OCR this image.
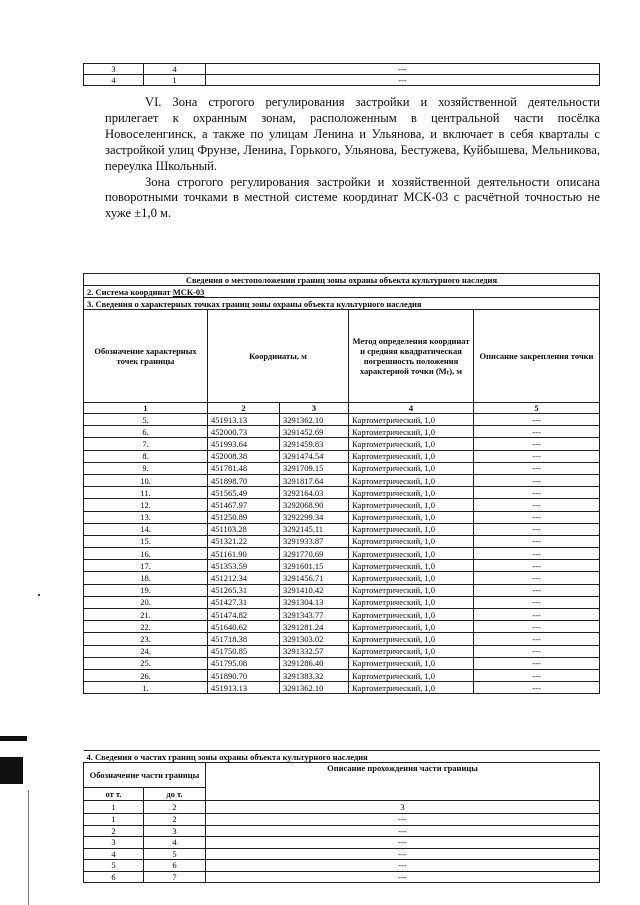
3	4	---
4	1	---

VI. Зона строгого регулирования застройки и хозяйственной деятельности прилегает к охранным зонам, расположенным в центральной части посёлка Новоселенгинск, а также по улицам Ленина и Ульянова, и включает в себя кварталы с застройкой улиц Фрунзе, Ленина, Горького, Ульянова, Бестужева, Куйбышева, Мельникова, переулка Школьный.

Зона строгого регулирования застройки и хозяйственной деятельности описана поворотными точками в местной системе координат МСК-03 с расчётной точностью не хуже ±1,0 м.

Сведения о местоположении границ зоны охраны объекта культурного наследия				
2. Система координат МСК-03				
3. Сведения о характерных точках границ зоны охраны объекта культурного наследия				
Обозначение характерных точек границы	Координаты, м		Метод определения координат и средняя квадратическая погрешность положения характерной точки (Mₜ), м	Описание закрепления точки
1	2	3	4	5
5.	451913.13	3291362.10	Картометрический, 1,0	---
6.	452000.73	3291452.69	Картометрический, 1,0	---
7.	451993.64	3291459.83	Картометрический, 1,0	---
8.	452008.38	3291474.54	Картометрический, 1,0	---
9.	451781.48	3291709.15	Картометрический, 1,0	---
10.	451898.70	3291817.64	Картометрический, 1,0	---
11.	451565.49	3292164.03	Картометрический, 1,0	---
12.	451467.97	3292068.90	Картометрический, 1,0	---
13.	451250.89	3292299.34	Картометрический, 1,0	---
14.	451103.28	3292145.11	Картометрический, 1,0	---
15.	451321.22	3291933.87	Картометрический, 1,0	---
16.	451161.90	3291770.69	Картометрический, 1,0	---
17.	451353.59	3291601.15	Картометрический, 1,0	---
18.	451212.34	3291456.71	Картометрический, 1,0	---
19.	451265.31	3291410.42	Картометрический, 1,0	---
20.	451427.31	3291304.13	Картометрический, 1,0	---
21.	451474.82	3291343.77	Картометрический, 1,0	---
22.	451640.62	3291281.24	Картометрический, 1,0	---
23.	451718.38	3291303.02	Картометрический, 1,0	---
24.	451750.85	3291332.57	Картометрический, 1,0	---
25.	451795.08	3291286.40	Картометрический, 1,0	---
26.	451890.70	3291383.32	Картометрический, 1,0	---
1.	451913.13	3291362.10	Картометрический, 1,0	---
4. Сведения о частях границ зоны охраны объекта культурного наследия		
Обозначение части границы		Описание прохождения части границы
от т.	до т.	
1	2	3
1	2	---
2	3	---
3	4	---
4	5	---
5	6	---
6	7	---
